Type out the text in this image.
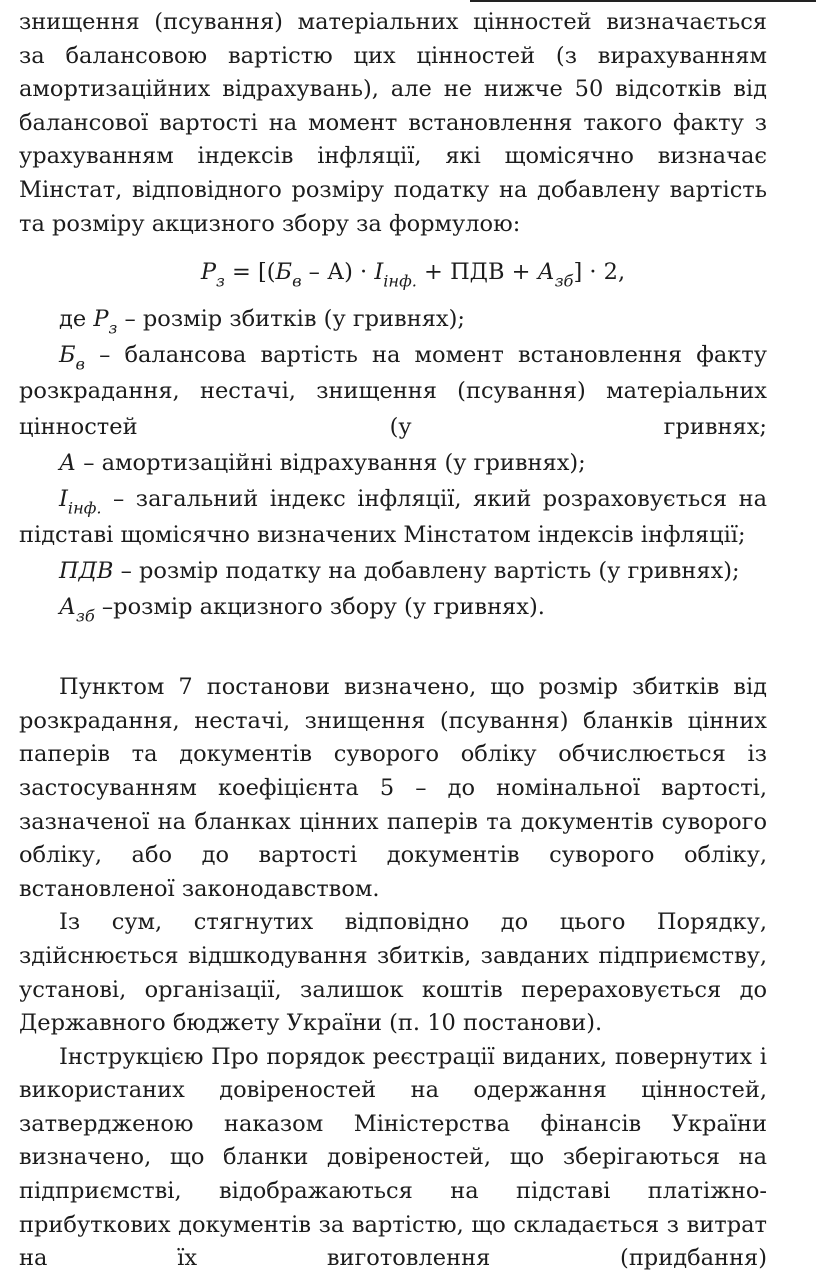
знищення (псування) матеріальних цінностей визначається за балансовою вартістю цих цінностей (з вирахуванням амортизаційних відрахувань), але не нижче 50 відсотків від балансової вартості на момент встановлення такого факту з урахуванням індексів інфляції, які щомісячно визначає Мінстат, відповідного розміру податку на добавлену вартість та розміру акцизного збору за формулою:

$P_з = [(Б_в - А) \cdot І_{інф.}$ + ПДВ + $А_{зб}] \cdot 2$,

де $P_з$ – розмір збитків (у гривнях);

$Б_в$ – балансова вартість на момент встановлення факту розкрадання, нестачі, знищення (псування) матеріальних цінностей (у гривнях;

А – амортизаційні відрахування (у гривнях);

$І_{інф.}$ – загальний індекс інфляції, який розраховується на підставі щомісячно визначених Мінстатом індексів інфляції;

ПДВ – розмір податку на добавлену вартість (у гривнях);

$А_{зб}$ –розмір акцизного збору (у гривнях).

Пунктом 7 постанови визначено, що розмір збитків від розкрадання, нестачі, знищення (псування) бланків цінних паперів та документів суворого обліку обчислюється із застосуванням коефіцієнта 5 – до номінальної вартості, зазначеної на бланках цінних паперів та документів суворого обліку, або до вартості документів суворого обліку, встановленої законодавством.

Із сум, стягнутих відповідно до цього Порядку, здійснюється відшкодування збитків, завданих підприємству, установі, організації, залишок коштів перераховується до Державного бюджету України (п. 10 постанови).

Інструкцією Про порядок реєстрації виданих, повернутих і використаних довіреностей на одержання цінностей, затвердженою наказом Міністерства фінансів України визначено, що бланки довіреностей, що зберігаються на підприємстві, відображаються на підставі платіжно-прибуткових документів за вартістю, що складається з витрат на їх виготовлення (придбання)
